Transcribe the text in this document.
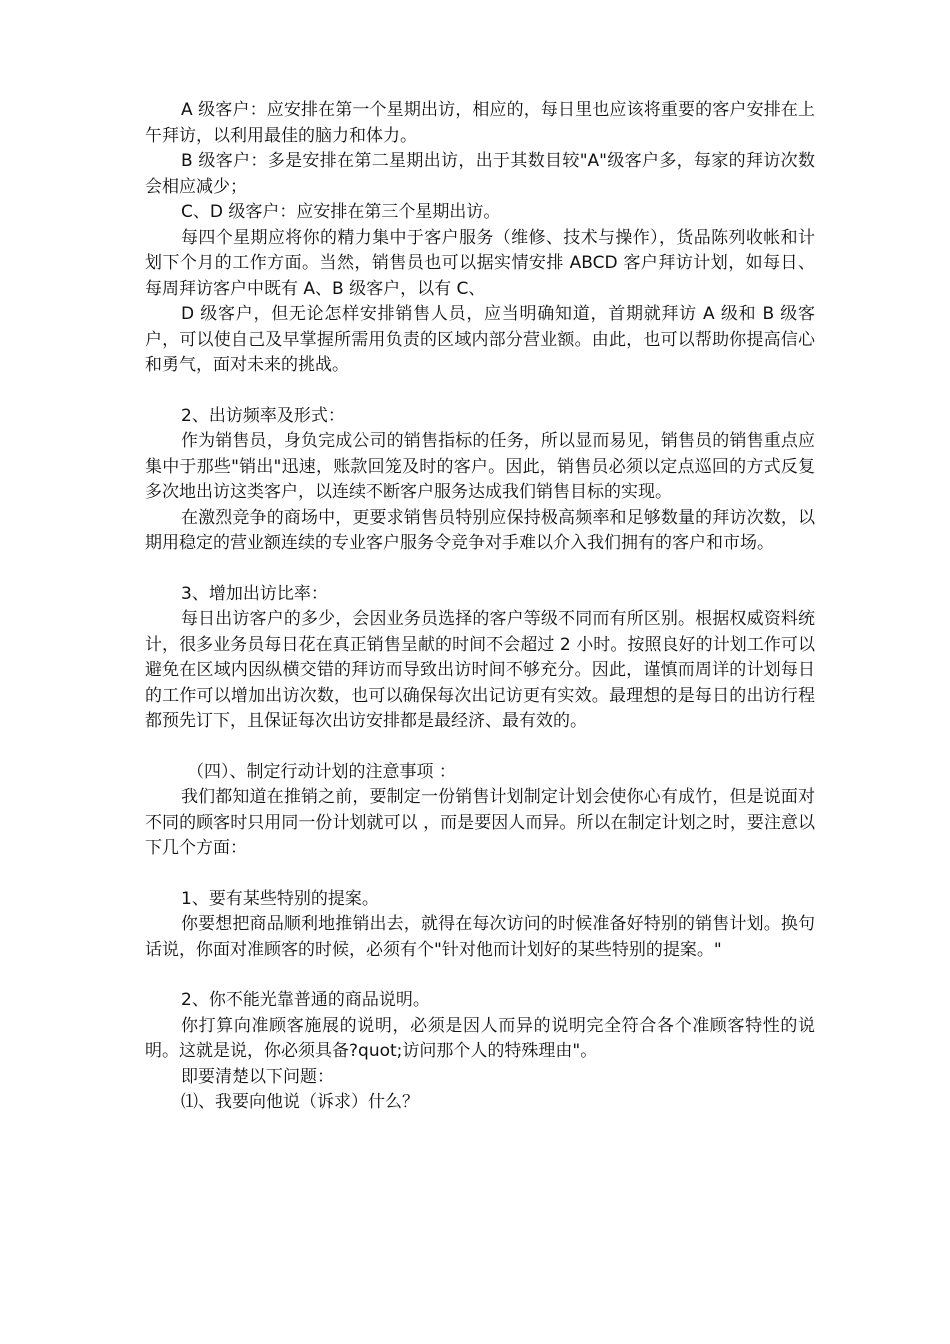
A 级客户：应安排在第一个星期出访，相应的，每日里也应该将重要的客户安排在上午拜访，以利用最佳的脑力和体力。

B 级客户：多是安排在第二星期出访，出于其数目较"A"级客户多，每家的拜访次数会相应减少；

C、D 级客户：应安排在第三个星期出访。

每四个星期应将你的精力集中于客户服务（维修、技术与操作），货品陈列收帐和计划下个月的工作方面。当然，销售员也可以据实情安排 ABCD 客户拜访计划，如每日、每周拜访客户中既有 A、B 级客户，以有 C、

D 级客户，但无论怎样安排销售人员，应当明确知道，首期就拜访 A 级和 B 级客户，可以使自己及早掌握所需用负责的区域内部分营业额。由此，也可以帮助你提高信心和勇气，面对未来的挑战。

2、出访频率及形式：

作为销售员，身负完成公司的销售指标的任务，所以显而易见，销售员的销售重点应集中于那些"销出"迅速，账款回笼及时的客户。因此，销售员必须以定点巡回的方式反复多次地出访这类客户，以连续不断客户服务达成我们销售目标的实现。

在激烈竞争的商场中，更要求销售员特别应保持极高频率和足够数量的拜访次数，以期用稳定的营业额连续的专业客户服务令竞争对手难以介入我们拥有的客户和市场。

3、增加出访比率：

每日出访客户的多少，会因业务员选择的客户等级不同而有所区别。根据权威资料统计，很多业务员每日花在真正销售呈献的时间不会超过 2 小时。按照良好的计划工作可以避免在区域内因纵横交错的拜访而导致出访时间不够充分。因此，谨慎而周详的计划每日的工作可以增加出访次数，也可以确保每次出记访更有实效。最理想的是每日的出访行程都预先订下，且保证每次出访安排都是最经济、最有效的。

（四）、制定行动计划的注意事项 ：

我们都知道在推销之前，要制定一份销售计划制定计划会使你心有成竹，但是说面对不同的顾客时只用同一份计划就可以 ，而是要因人而异。所以在制定计划之时，要注意以下几个方面：

1、要有某些特别的提案。

你要想把商品顺利地推销出去，就得在每次访问的时候准备好特别的销售计划。换句话说，你面对准顾客的时候，必须有个"针对他而计划好的某些特别的提案。"

2、你不能光靠普通的商品说明。

你打算向准顾客施展的说明，必须是因人而异的说明完全符合各个准顾客特性的说明。这就是说，你必须具备?quot;访问那个人的特殊理由"。

即要清楚以下问题：

⑴、我要向他说（诉求）什么？
